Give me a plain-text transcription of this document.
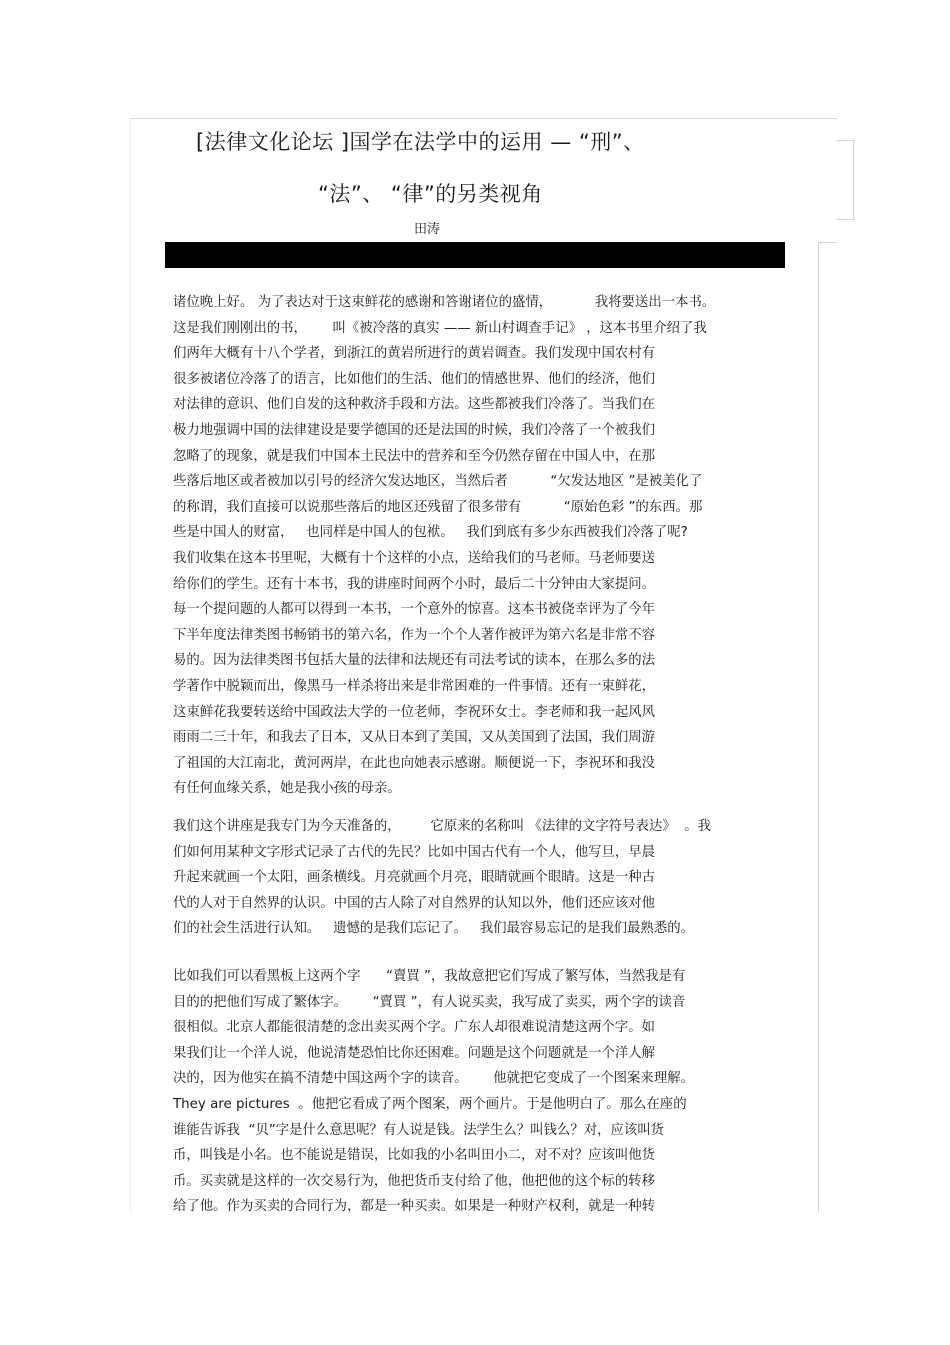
[法律文化论坛 ]国学在法学中的运用 — “刑”、
“法”、 “律”的另类视角
田涛
诸位晚上好。 为了表达对于这束鲜花的感谢和答谢诸位的盛情，          我将要送出一本书。
这是我们刚刚出的书，      叫《被冷落的真实 —— 新山村调查手记》 ，这本书里介绍了我
们两年大概有十八个学者，到浙江的黄岩所进行的黄岩调查。我们发现中国农村有
很多被诸位冷落了的语言，比如他们的生活、他们的情感世界、他们的经济，他们
对法律的意识、他们自发的这种救济手段和方法。这些都被我们冷落了。当我们在
极力地强调中国的法律建设是要学德国的还是法国的时候，我们冷落了一个被我们
忽略了的现象，就是我们中国本土民法中的营养和至今仍然存留在中国人中，在那
些落后地区或者被加以引号的经济欠发达地区，当然后者          “欠发达地区 ”是被美化了
的称谓，我们直接可以说那些落后的地区还残留了很多带有          “原始色彩 ”的东西。那
些是中国人的财富，   也同样是中国人的包袱。   我们到底有多少东西被我们冷落了呢?
我们收集在这本书里呢，大概有十个这样的小点，送给我们的马老师。马老师要送
给你们的学生。还有十本书，我的讲座时间两个小时，最后二十分钟由大家提问。
每一个提问题的人都可以得到一本书，一个意外的惊喜。这本书被侥幸评为了今年
下半年度法律类图书畅销书的第六名，作为一个个人著作被评为第六名是非常不容
易的。因为法律类图书包括大量的法律和法规还有司法考试的读本，在那么多的法
学著作中脱颖而出，像黑马一样杀将出来是非常困难的一件事情。还有一束鲜花，
这束鲜花我要转送给中国政法大学的一位老师，李祝环女士。李老师和我一起风风
雨雨二三十年，和我去了日本，又从日本到了美国，又从美国到了法国，我们周游
了祖国的大江南北，黄河两岸，在此也向她表示感谢。顺便说一下，李祝环和我没
有任何血缘关系，她是我小孩的母亲。
我们这个讲座是我专门为今天准备的，       它原来的名称叫 《法律的文字符号表达》  。我
们如何用某种文字形式记录了古代的先民？比如中国古代有一个人，他写旦，早晨
升起来就画一个太阳，画条横线。月亮就画个月亮，眼睛就画个眼睛。这是一种古
代的人对于自然界的认识。中国的古人除了对自然界的认知以外，他们还应该对他
们的社会生活进行认知。   遗憾的是我们忘记了。   我们最容易忘记的是我们最熟悉的。
比如我们可以看黑板上这两个字      “賣買 ”，我故意把它们写成了繁写体，当然我是有
目的的把他们写成了繁体字。      “賣買 ”，有人说买卖，我写成了卖买，两个字的读音
很相似。北京人都能很清楚的念出卖买两个字。广东人却很难说清楚这两个字。如
果我们让一个洋人说，他说清楚恐怕比你还困难。问题是这个问题就是一个洋人解
决的，因为他实在搞不清楚中国这两个字的读音。      他就把它变成了一个图案来理解。
They are pictures  。他把它看成了两个图案，两个画片。于是他明白了。那么在座的
谁能告诉我  “贝”字是什么意思呢？有人说是钱。法学生么？叫钱么？对，应该叫货
币，叫钱是小名。也不能说是错误，比如我的小名叫田小二，对不对？应该叫他货
币。买卖就是这样的一次交易行为，他把货币支付给了他，他把他的这个标的转移
给了他。作为买卖的合同行为，都是一种买卖。如果是一种财产权利，就是一种转
